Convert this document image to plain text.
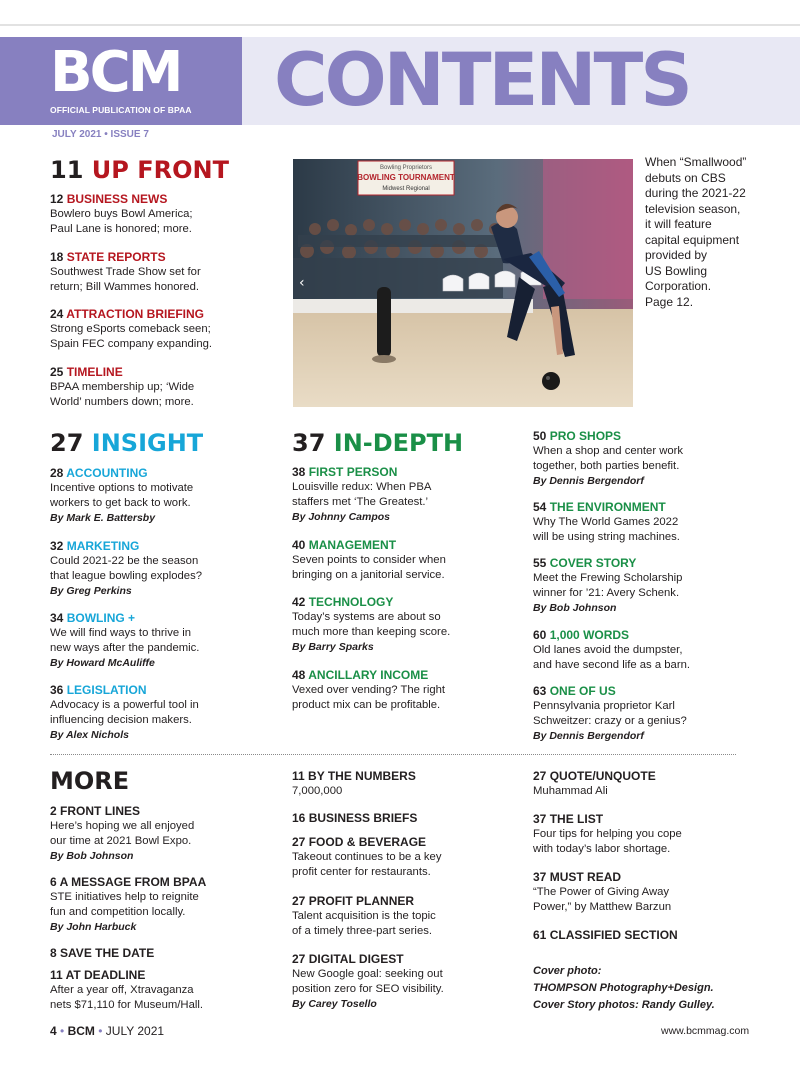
BCM
OFFICIAL PUBLICATION OF BPAA CONTENTS
JULY 2021 • ISSUE 7
11 UP FRONT
27 INSIGHT	37 IN-DEPTH
MORE
12 BUSINESS NEWS
Bowlero buys Bowl America;
Paul Lane is honored; more.
18 STATE REPORTS
Southwest Trade Show set for
return; Bill Wammes honored.
24 ATTRACTION BRIEFING
Strong eSports comeback seen;
Spain FEC company expanding.
25 TIMELINE
BPAA membership up; ‘Wide
World’ numbers down; more.
28 ACCOUNTING
Incentive options to motivate
workers to get back to work.
By Mark E. Battersby
32 MARKETING
Could 2021-22 be the season
that league bowling explodes?
By Greg Perkins
34 BOWLING +
We will find ways to thrive in
new ways after the pandemic.
By Howard McAuliffe
36 LEGISLATION
Advocacy is a powerful tool in
influencing decision makers.
By Alex Nichols
38 FIRST PERSON
Louisville redux: When PBA
staffers met ‘The Greatest.’
By Johnny Campos
40 MANAGEMENT
Seven points to consider when
bringing on a janitorial service.
42 TECHNOLOGY
Today’s systems are about so
much more than keeping score.
By Barry Sparks
48 ANCILLARY INCOME
Vexed over vending? The right
product mix can be profitable.
50 PRO SHOPS
When a shop and center work
together, both parties benefit.
By Dennis Bergendorf
54 THE ENVIRONMENT
Why The World Games 2022
will be using string machines.
55 COVER STORY
Meet the Frewing Scholarship
winner for ’21: Avery Schenk.
By Bob Johnson
60 1,000 WORDS
Old lanes avoid the dumpster,
and have second life as a barn.
63 ONE OF US
Pennsylvania proprietor Karl
Schweitzer: crazy or a genius?
By Dennis Bergendorf
2 FRONT LINES
Here’s hoping we all enjoyed
our time at 2021 Bowl Expo.
By Bob Johnson
6 A MESSAGE FROM BPAA
STE initiatives help to reignite
fun and competition locally.
By John Harbuck
8 SAVE THE DATE
11 AT DEADLINE
After a year off, Xtravaganza
nets $71,110 for Museum/Hall.
11 BY THE NUMBERS
7,000,000
16 BUSINESS BRIEFS
27 FOOD & BEVERAGE
Takeout continues to be a key
profit center for restaurants.
27 PROFIT PLANNER
Talent acquisition is the topic
of a timely three-part series.
27 DIGITAL DIGEST
New Google goal: seeking out
position zero for SEO visibility.
By Carey Tosello
27 QUOTE/UNQUOTE
Muhammad Ali
37 THE LIST
Four tips for helping you cope
with today’s labor shortage.
37 MUST READ
“The Power of Giving Away
Power,” by Matthew Barzun
61 CLASSIFIED SECTION
Bowling Proprietors
BOWLING TOURNAMENT
Midwest Regional
‹
When “Smallwood”
debuts on CBS
during the 2021-22
television season,
it will feature
capital equipment
provided by
US Bowling
Corporation.
Page 12.
Cover photo:
THOMPSON Photography+Design.
Cover Story photos: Randy Gulley.
4 • BCM • JULY 2021	www.bcmmag.com
